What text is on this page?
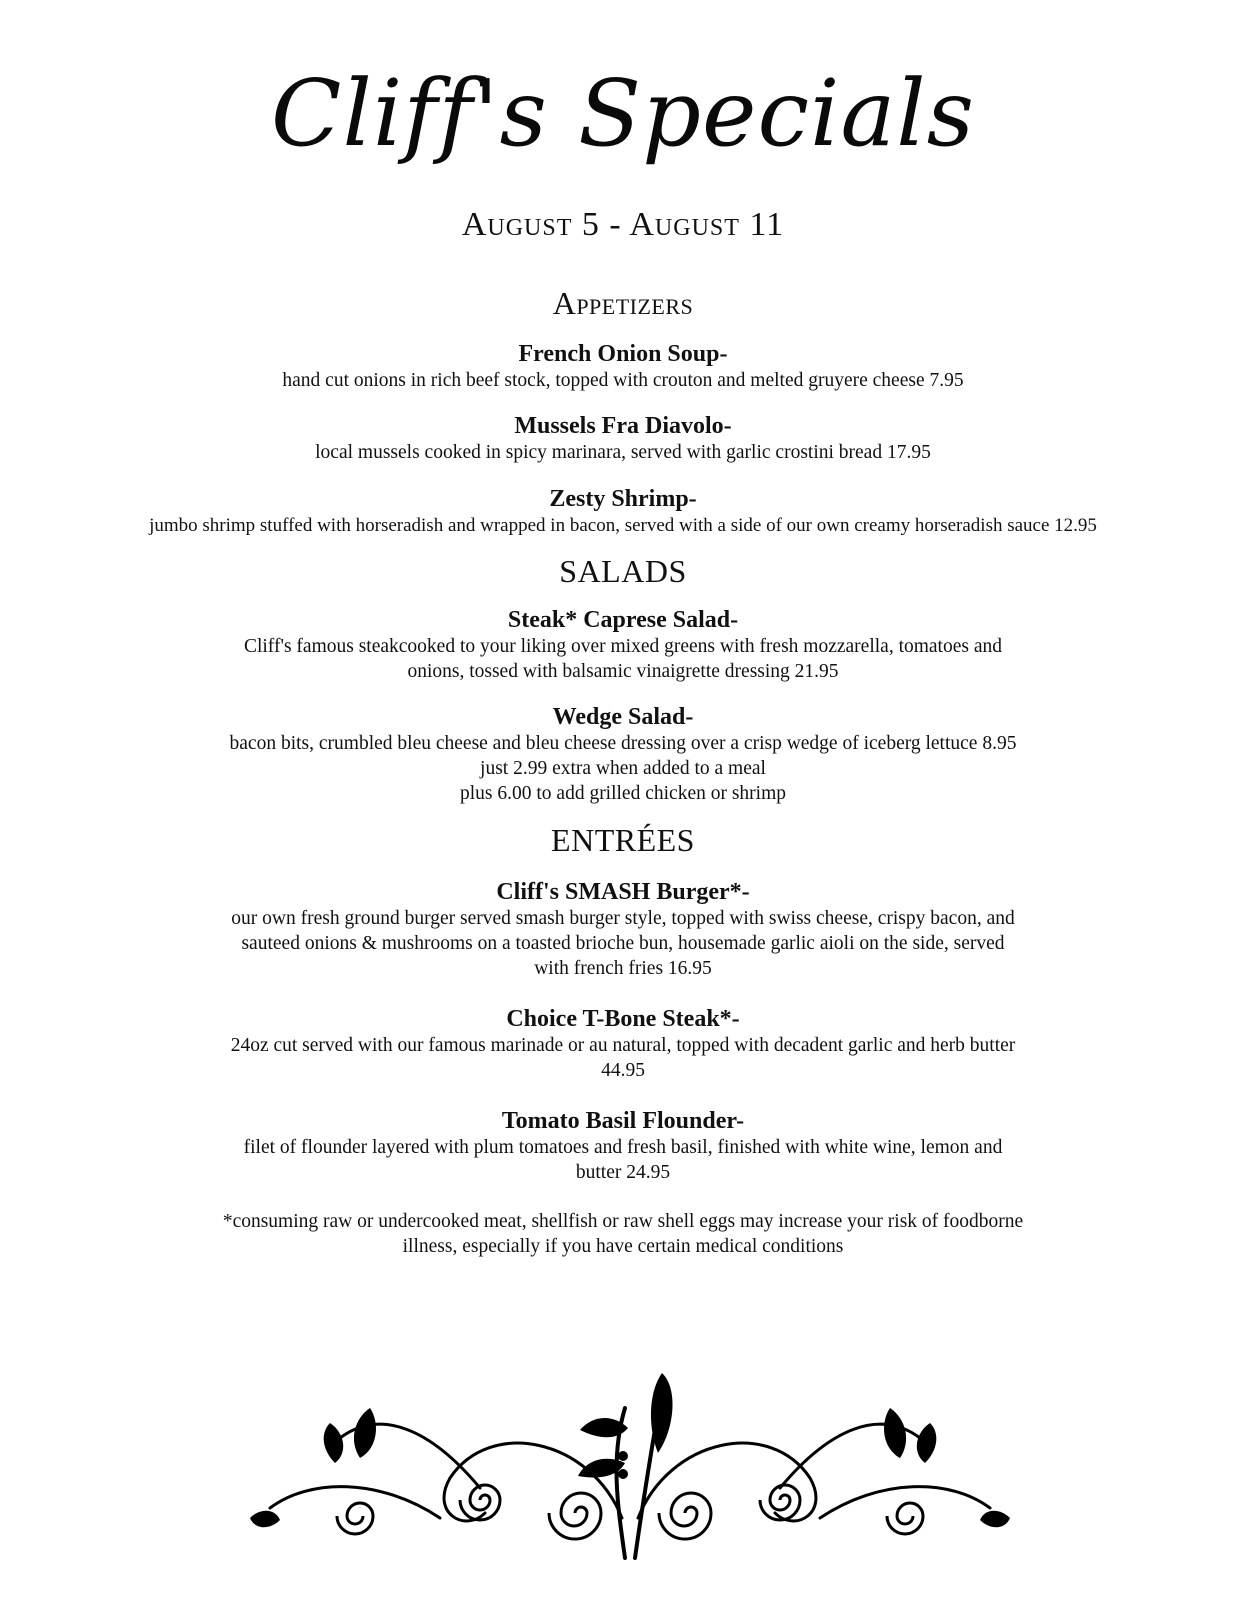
Cliff's Specials
August 5 - August 11
Appetizers
French Onion Soup-
hand cut onions in rich beef stock, topped with crouton and melted gruyere cheese 7.95
Mussels Fra Diavolo-
local mussels cooked in spicy marinara, served with garlic crostini bread 17.95
Zesty Shrimp-
jumbo shrimp stuffed with horseradish and wrapped in bacon, served with a side of our own creamy horseradish sauce 12.95
SALADS
Steak* Caprese Salad-
Cliff's famous steakcooked to your liking over mixed greens with fresh mozzarella, tomatoes and
onions, tossed with balsamic vinaigrette dressing 21.95
Wedge Salad-
bacon bits, crumbled bleu cheese and bleu cheese dressing over a crisp wedge of iceberg lettuce 8.95
just 2.99 extra when added to a meal
plus 6.00 to add grilled chicken or shrimp
ENTRÉES
Cliff's SMASH Burger*-
our own fresh ground burger served smash burger style, topped with swiss cheese, crispy bacon, and
sauteed onions & mushrooms on a toasted brioche bun, housemade garlic aioli on the side, served
with french fries 16.95
Choice T-Bone Steak*-
24oz cut served with our famous marinade or au natural, topped with decadent garlic and herb butter
44.95
Tomato Basil Flounder-
filet of flounder layered with plum tomatoes and fresh basil, finished with white wine, lemon and
butter 24.95
*consuming raw or undercooked meat, shellfish or raw shell eggs may increase your risk of foodborne
illness, especially if you have certain medical conditions
